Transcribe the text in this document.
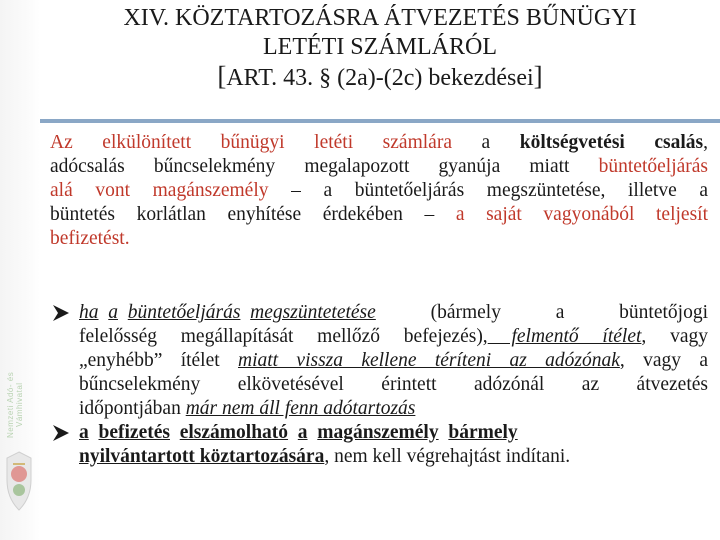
Nemzeti Adó- és Vámhivatal
XIV. KÖZTARTOZÁSRA ÁTVEZETÉS BŰNÜGYI
LETÉTI SZÁMLÁRÓL
[ART. 43. § (2a)-(2c) bekezdései]
Az elkülönített bűnügyi letéti számlára a költségvetési csalás,
adócsalás bűncselekmény megalapozott gyanúja miatt büntetőeljárás
alá vont magánszemély – a büntetőeljárás megszüntetése, illetve a
büntetés korlátlan enyhítése érdekében – a saját vagyonából teljesít
befizetést.
ha  a  büntetőeljárás  megszüntetetése (bármely a büntetőjogi
felelősség megállapítását mellőző befejezés), felmentő ítélet, vagy
„enyhébb” ítélet miatt vissza kellene téríteni az adózónak, vagy a
bűncselekmény elkövetésével érintett adózónál az átvezetés
időpontjában már nem áll fenn adótartozás
a  befizetés  elszámolható  a  magánszemély  bármely
nyilvántartott köztartozására, nem kell végrehajtást indítani.
